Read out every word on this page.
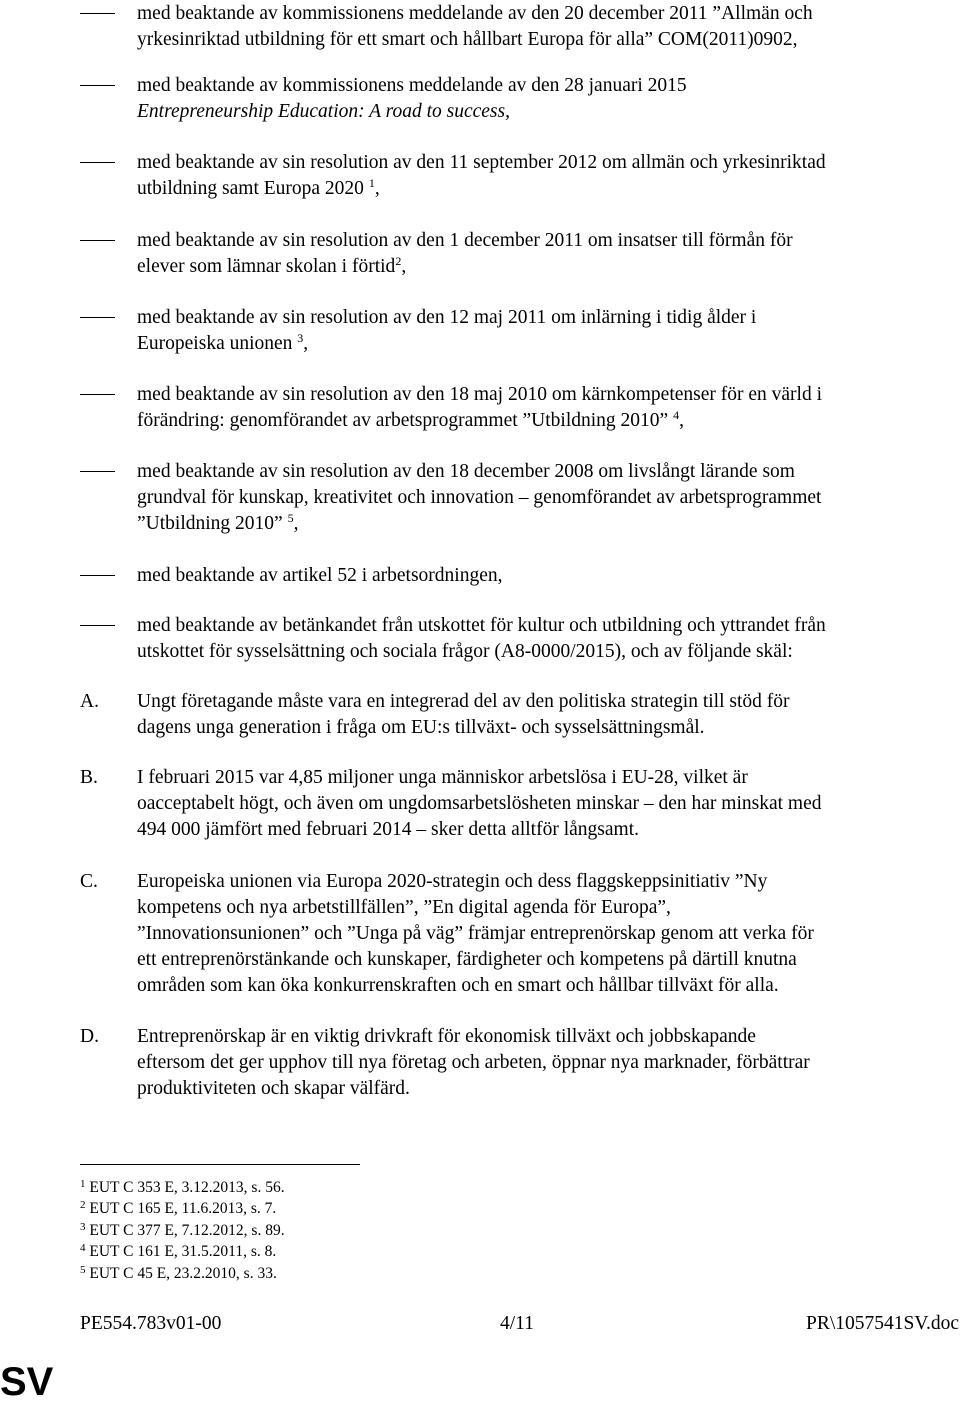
med beaktande av kommissionens meddelande av den 20 december 2011 ”Allmän och
yrkesinriktad utbildning för ett smart och hållbart Europa för alla” COM(2011)0902,
med beaktande av kommissionens meddelande av den 28 januari 2015
Entrepreneurship Education: A road to success,
med beaktande av sin resolution av den 11 september 2012 om allmän och yrkesinriktad
utbildning samt Europa 2020 $^1$,
med beaktande av sin resolution av den 1 december 2011 om insatser till förmån för
elever som lämnar skolan i förtid$^2$,
med beaktande av sin resolution av den 12 maj 2011 om inlärning i tidig ålder i
Europeiska unionen $^3$,
med beaktande av sin resolution av den 18 maj 2010 om kärnkompetenser för en värld i
förändring: genomförandet av arbetsprogrammet ”Utbildning 2010” $^4$,
med beaktande av sin resolution av den 18 december 2008 om livslångt lärande som
grundval för kunskap, kreativitet och innovation – genomförandet av arbetsprogrammet
”Utbildning 2010” $^5$,
med beaktande av artikel 52 i arbetsordningen,
med beaktande av betänkandet från utskottet för kultur och utbildning och yttrandet från
utskottet för sysselsättning och sociala frågor (A8-0000/2015), och av följande skäl:
A. Ungt företagande måste vara en integrerad del av den politiska strategin till stöd för
dagens unga generation i fråga om EU:s tillväxt- och sysselsättningsmål.
B. I februari 2015 var 4,85 miljoner unga människor arbetslösa i EU-28, vilket är
oacceptabelt högt, och även om ungdomsarbetslösheten minskar – den har minskat med
494 000 jämfört med februari 2014 – sker detta alltför långsamt.
C. Europeiska unionen via Europa 2020-strategin och dess flaggskeppsinitiativ ”Ny
kompetens och nya arbetstillfällen”, ”En digital agenda för Europa”,
”Innovationsunionen” och ”Unga på väg” främjar entreprenörskap genom att verka för
ett entreprenörstänkande och kunskaper, färdigheter och kompetens på därtill knutna
områden som kan öka konkurrenskraften och en smart och hållbar tillväxt för alla.
D. Entreprenörskap är en viktig drivkraft för ekonomisk tillväxt och jobbskapande
eftersom det ger upphov till nya företag och arbeten, öppnar nya marknader, förbättrar
produktiviteten och skapar välfärd.
$^1$ EUT C 353 E, 3.12.2013, s. 56.
$^2$ EUT C 165 E, 11.6.2013, s. 7.
$^3$ EUT C 377 E, 7.12.2012, s. 89.
$^4$ EUT C 161 E, 31.5.2011, s. 8.
$^5$ EUT C 45 E, 23.2.2010, s. 33.
PE554.783v01-00	4/11	PR\1057541SV.doc
SV
